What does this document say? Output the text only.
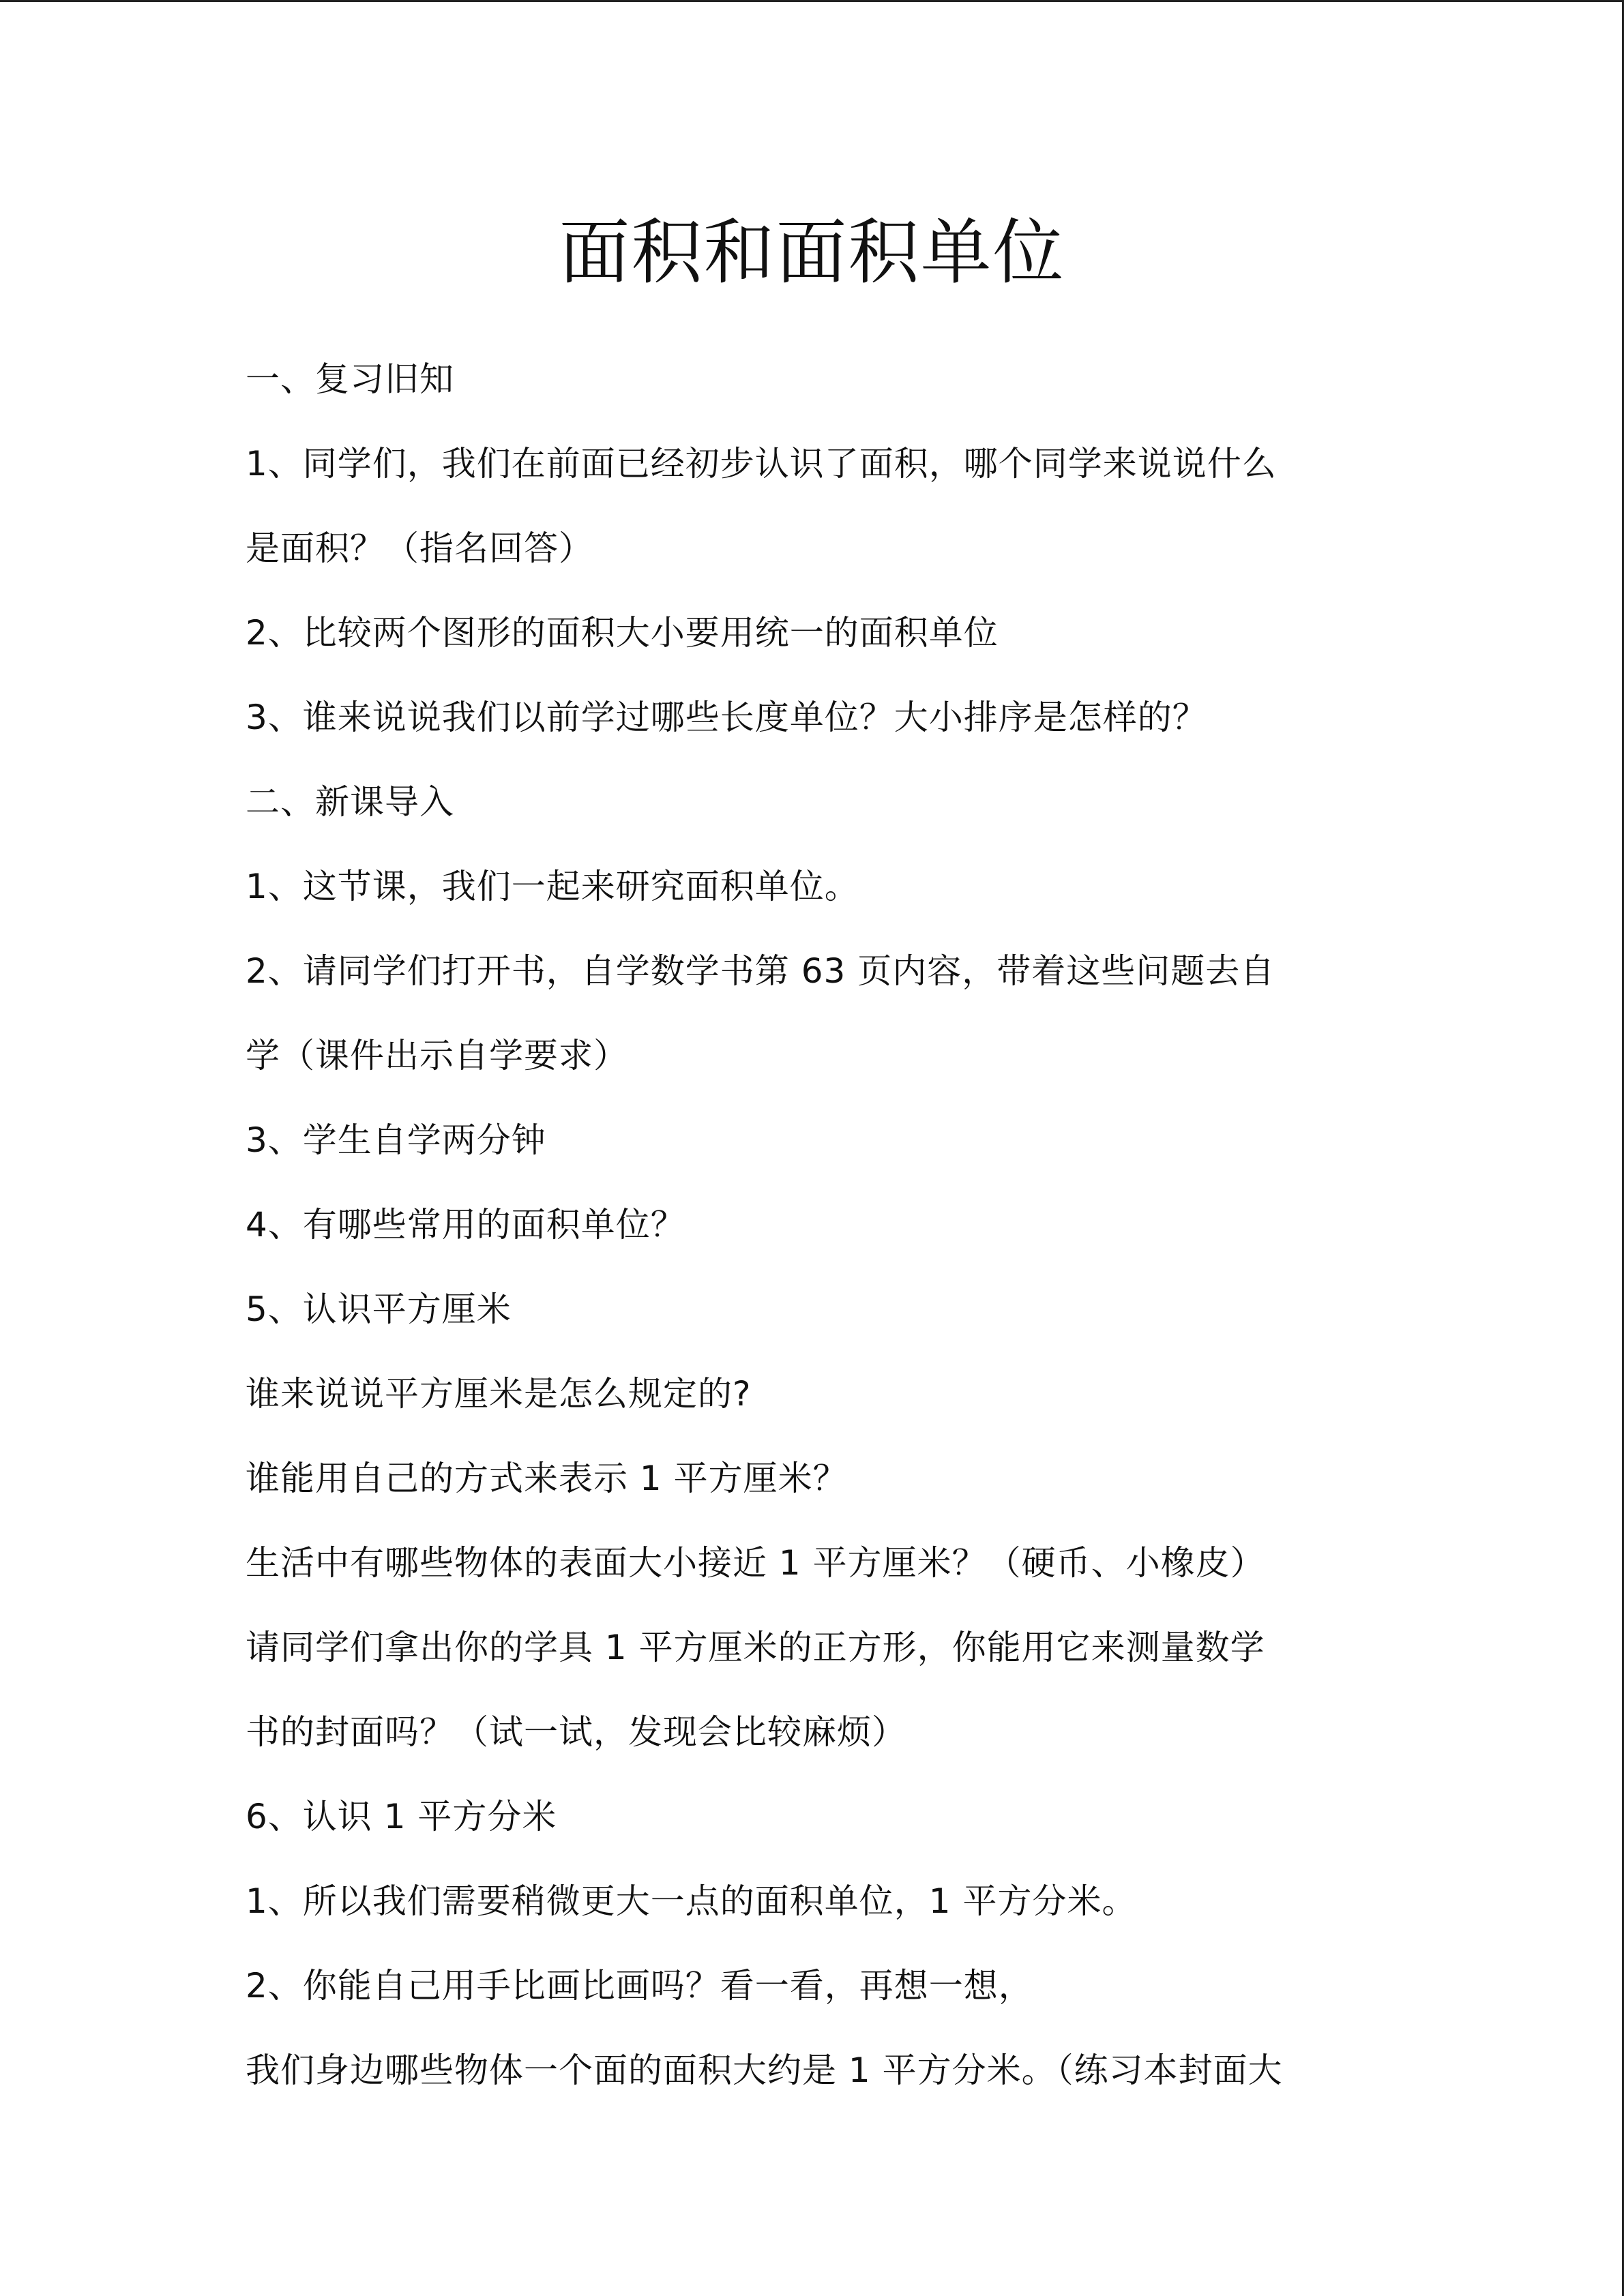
面积和面积单位
一、复习旧知
1、同学们，我们在前面已经初步认识了面积，哪个同学来说说什么
是面积？（指名回答）
2、比较两个图形的面积大小要用统一的面积单位
3、谁来说说我们以前学过哪些长度单位？大小排序是怎样的？
二、新课导入
1、这节课，我们一起来研究面积单位。
2、请同学们打开书，自学数学书第 63 页内容，带着这些问题去自
学（课件出示自学要求）
3、学生自学两分钟
4、有哪些常用的面积单位？
5、认识平方厘米
谁来说说平方厘米是怎么规定的?
谁能用自己的方式来表示 1 平方厘米？
生活中有哪些物体的表面大小接近 1 平方厘米？（硬币、小橡皮）
请同学们拿出你的学具 1 平方厘米的正方形，你能用它来测量数学
书的封面吗？（试一试，发现会比较麻烦）
6、认识 1 平方分米
1、所以我们需要稍微更大一点的面积单位，1 平方分米。
2、你能自己用手比画比画吗？看一看，再想一想，
我们身边哪些物体一个面的面积大约是 1 平方分米。（练习本封面大
